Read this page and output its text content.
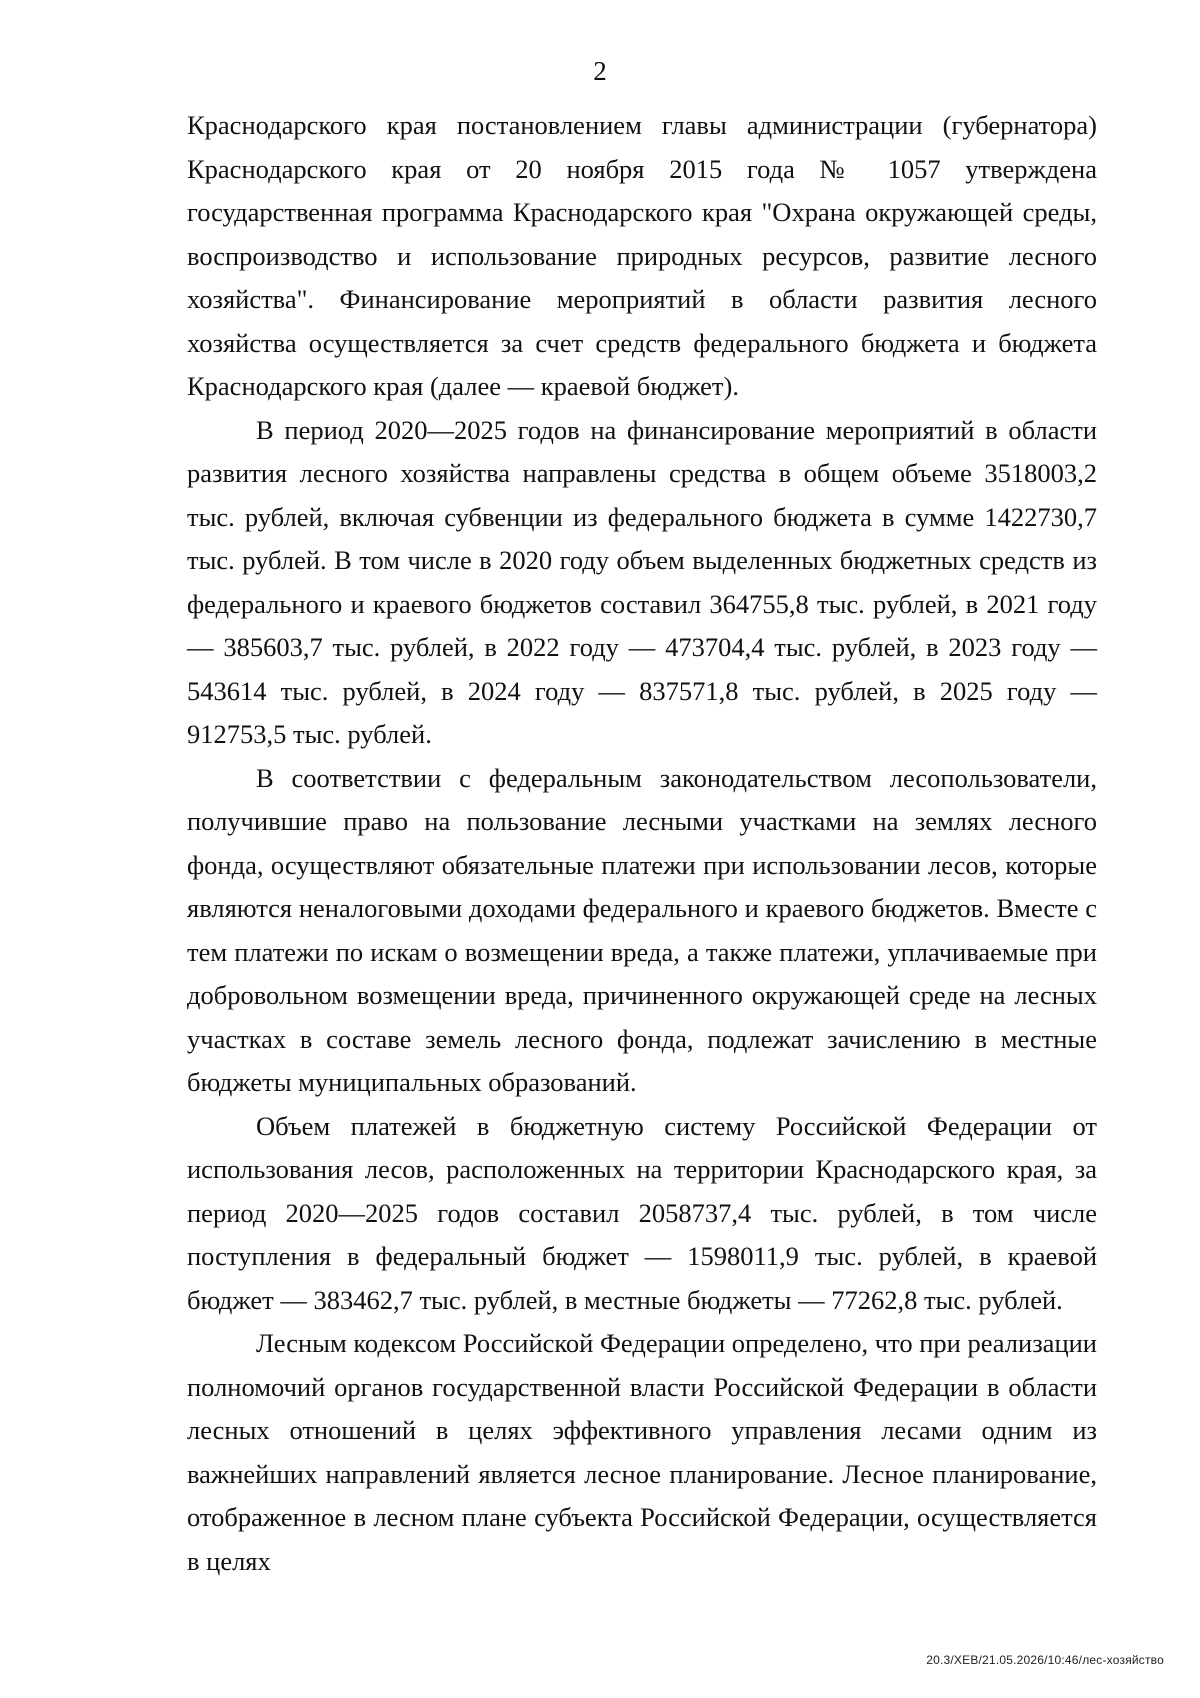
2

Краснодарского края постановлением главы администрации (губернатора) Краснодарского края от 20 ноября 2015 года № 1057 утверждена государственная программа Краснодарского края "Охрана окружающей среды, воспроизводство и использование природных ресурсов, развитие лесного хозяйства". Финансирование мероприятий в области развития лесного хозяйства осуществляется за счет средств федерального бюджета и бюджета Краснодарского края (далее — краевой бюджет).

В период 2020—2025 годов на финансирование мероприятий в области развития лесного хозяйства направлены средства в общем объеме 3518003,2 тыс. рублей, включая субвенции из федерального бюджета в сумме 1422730,7 тыс. рублей. В том числе в 2020 году объем выделенных бюджетных средств из федерального и краевого бюджетов составил 364755,8 тыс. рублей, в 2021 году — 385603,7 тыс. рублей, в 2022 году — 473704,4 тыс. рублей, в 2023 году — 543614 тыс. рублей, в 2024 году — 837571,8 тыс. рублей, в 2025 году — 912753,5 тыс. рублей.

В соответствии с федеральным законодательством лесопользователи, получившие право на пользование лесными участками на землях лесного фонда, осуществляют обязательные платежи при использовании лесов, которые являются неналоговыми доходами федерального и краевого бюджетов. Вместе с тем платежи по искам о возмещении вреда, а также платежи, уплачиваемые при добровольном возмещении вреда, причиненного окружающей среде на лесных участках в составе земель лесного фонда, подлежат зачислению в местные бюджеты муниципальных образований.

Объем платежей в бюджетную систему Российской Федерации от использования лесов, расположенных на территории Краснодарского края, за период 2020—2025 годов составил 2058737,4 тыс. рублей, в том числе поступления в федеральный бюджет — 1598011,9 тыс. рублей, в краевой бюджет — 383462,7 тыс. рублей, в местные бюджеты — 77262,8 тыс. рублей.

Лесным кодексом Российской Федерации определено, что при реализации полномочий органов государственной власти Российской Федерации в области лесных отношений в целях эффективного управления лесами одним из важнейших направлений является лесное планирование. Лесное планирование, отображенное в лесном плане субъекта Российской Федерации, осуществляется в целях

20.3/ХЕВ/21.05.2026/10:46/лес-хозяйство
